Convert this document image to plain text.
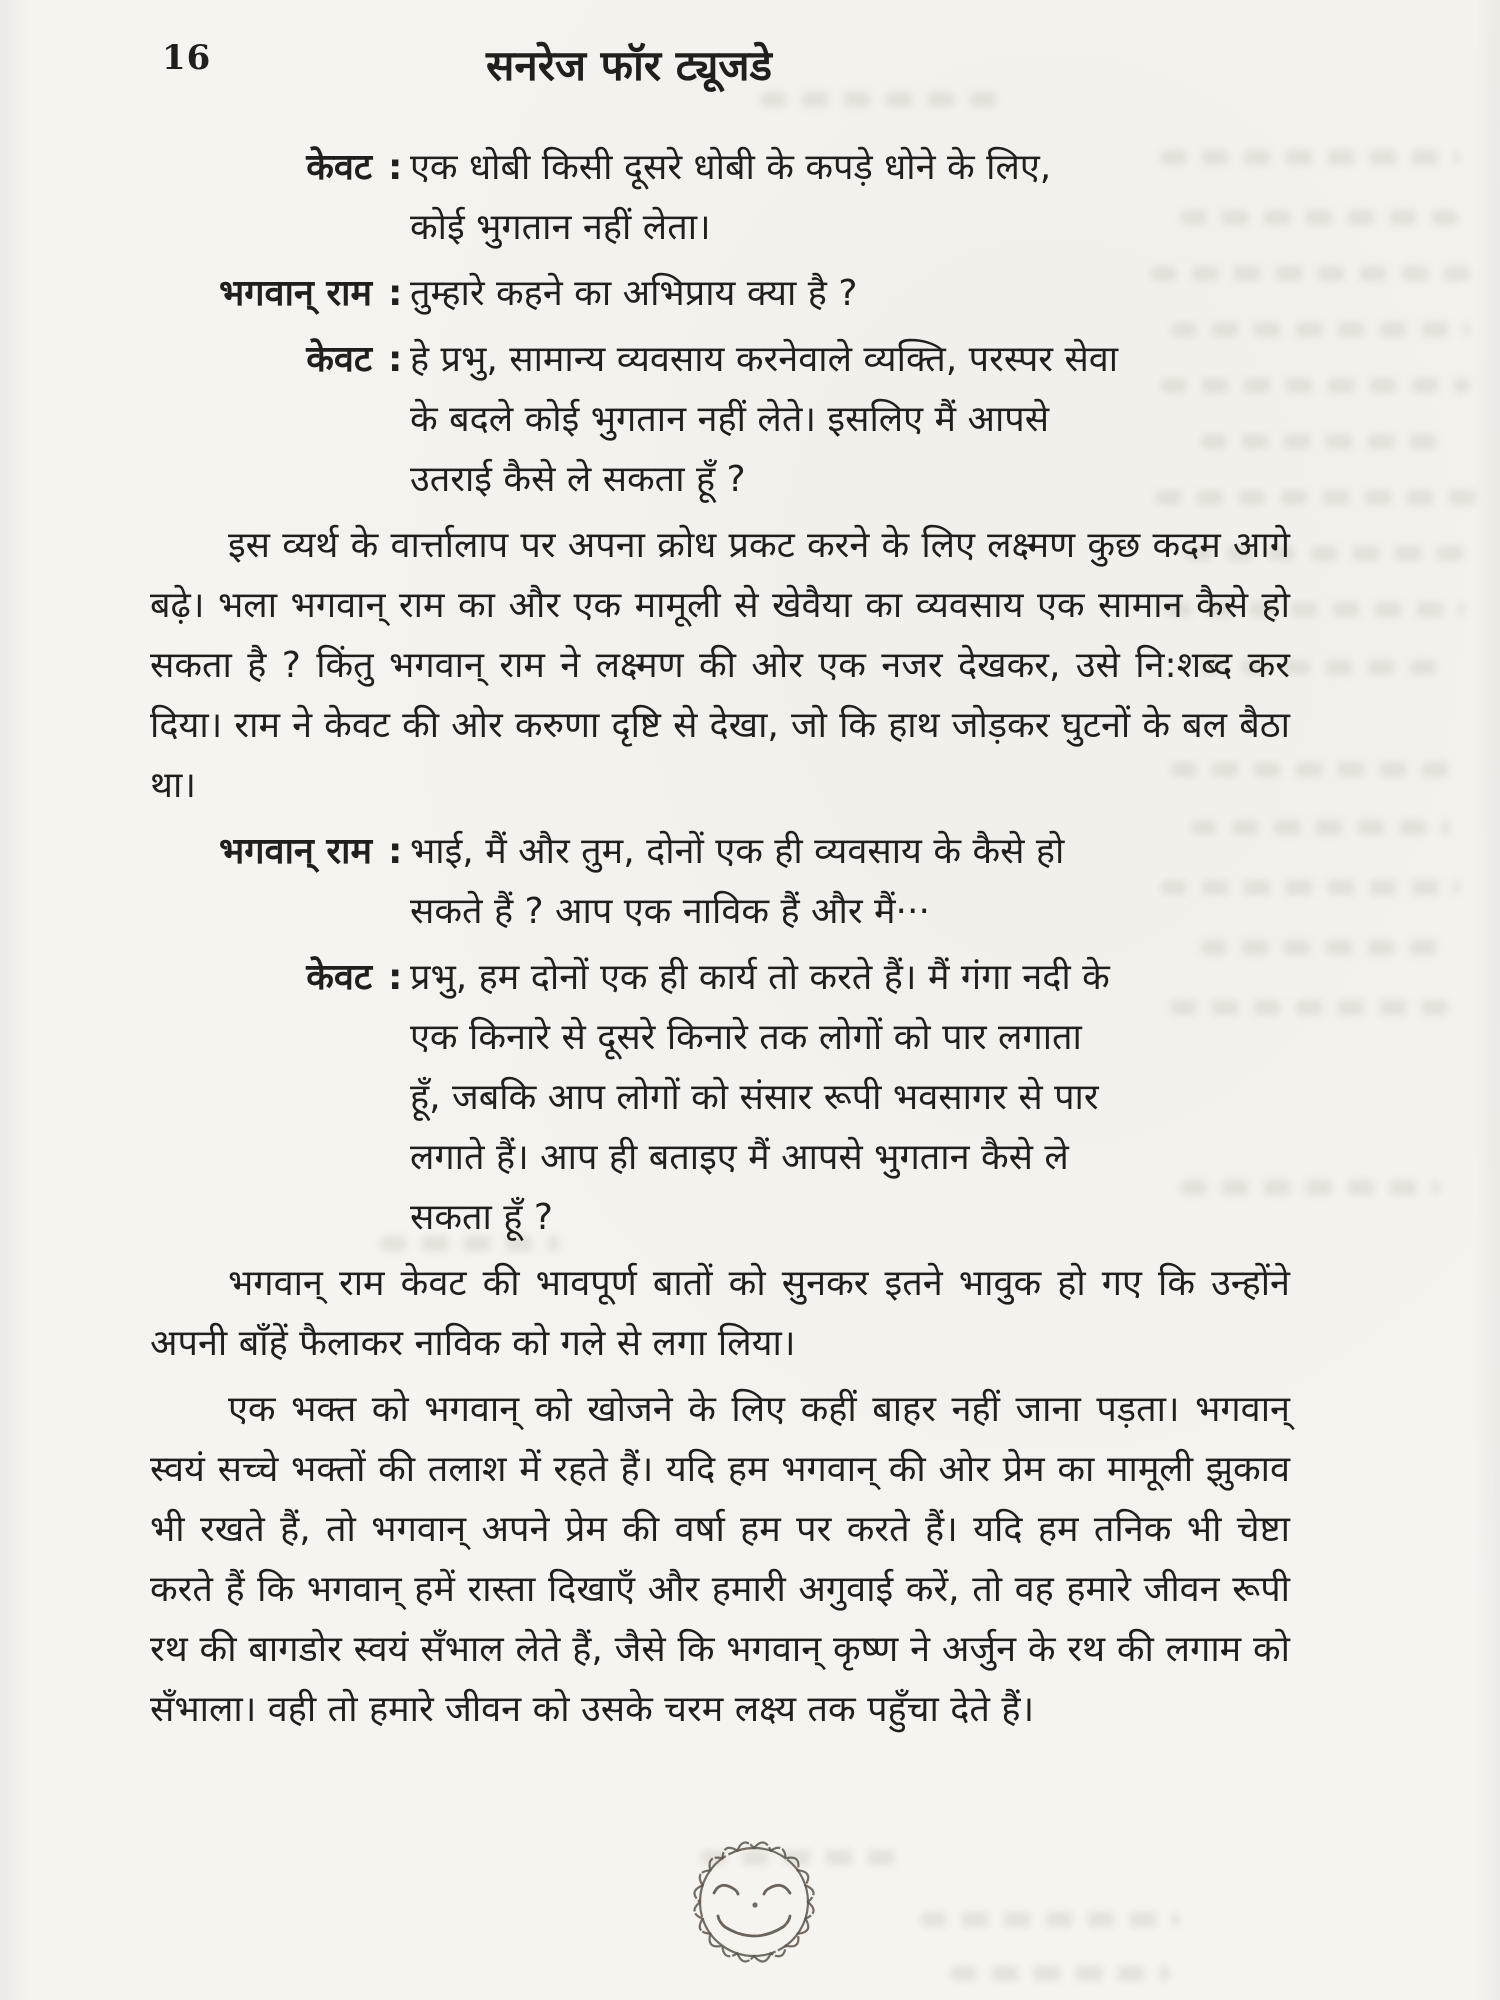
16	सनरेज फॉर ट्यूजडे
केवट : एक धोबी किसी दूसरे धोबी के कपड़े धोने के लिए,
कोई भुगतान नहीं लेता।
भगवान् राम : तुम्हारे कहने का अभिप्राय क्या है ?
केवट : हे प्रभु, सामान्य व्यवसाय करनेवाले व्यक्ति, परस्पर सेवा
के बदले कोई भुगतान नहीं लेते। इसलिए मैं आपसे
उतराई कैसे ले सकता हूँ ?

इस व्यर्थ के वार्त्तालाप पर अपना क्रोध प्रकट करने के लिए लक्ष्मण कुछ कदम आगे बढ़े। भला भगवान् राम का और एक मामूली से खेवैया का व्यवसाय एक सामान कैसे हो सकता है ? किंतु भगवान् राम ने लक्ष्मण की ओर एक नजर देखकर, उसे नि:शब्द कर दिया। राम ने केवट की ओर करुणा दृष्टि से देखा, जो कि हाथ जोड़कर घुटनों के बल बैठा था।

भगवान् राम : भाई, मैं और तुम, दोनों एक ही व्यवसाय के कैसे हो
सकते हैं ? आप एक नाविक हैं और मैं···
केवट : प्रभु, हम दोनों एक ही कार्य तो करते हैं। मैं गंगा नदी के
एक किनारे से दूसरे किनारे तक लोगों को पार लगाता
हूँ, जबकि आप लोगों को संसार रूपी भवसागर से पार
लगाते हैं। आप ही बताइए मैं आपसे भुगतान कैसे ले
सकता हूँ ?

भगवान् राम केवट की भावपूर्ण बातों को सुनकर इतने भावुक हो गए कि उन्होंने अपनी बाँहें फैलाकर नाविक को गले से लगा लिया।

एक भक्त को भगवान् को खोजने के लिए कहीं बाहर नहीं जाना पड़ता। भगवान् स्वयं सच्चे भक्तों की तलाश में रहते हैं। यदि हम भगवान् की ओर प्रेम का मामूली झुकाव भी रखते हैं, तो भगवान् अपने प्रेम की वर्षा हम पर करते हैं। यदि हम तनिक भी चेष्टा करते हैं कि भगवान् हमें रास्ता दिखाएँ और हमारी अगुवाई करें, तो वह हमारे जीवन रूपी रथ की बागडोर स्वयं सँभाल लेते हैं, जैसे कि भगवान् कृष्ण ने अर्जुन के रथ की लगाम को सँभाला। वही तो हमारे जीवन को उसके चरम लक्ष्य तक पहुँचा देते हैं।
